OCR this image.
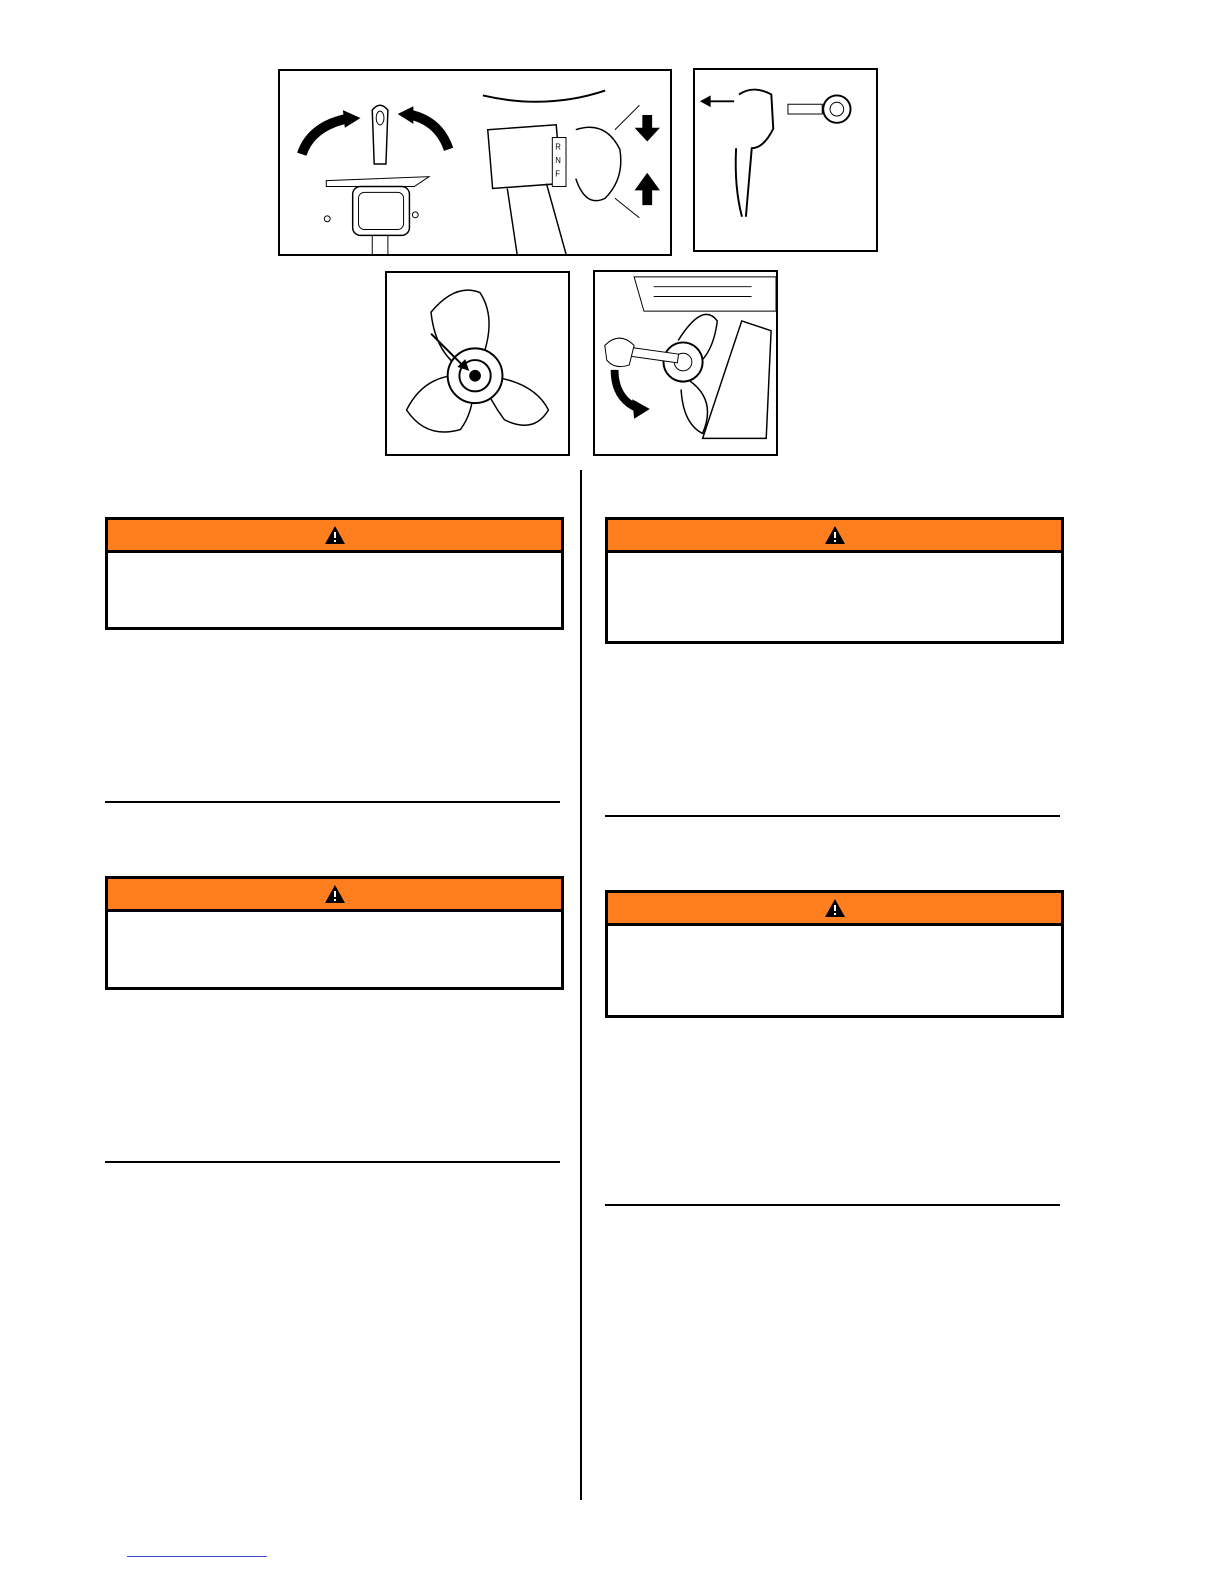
R
N
F
